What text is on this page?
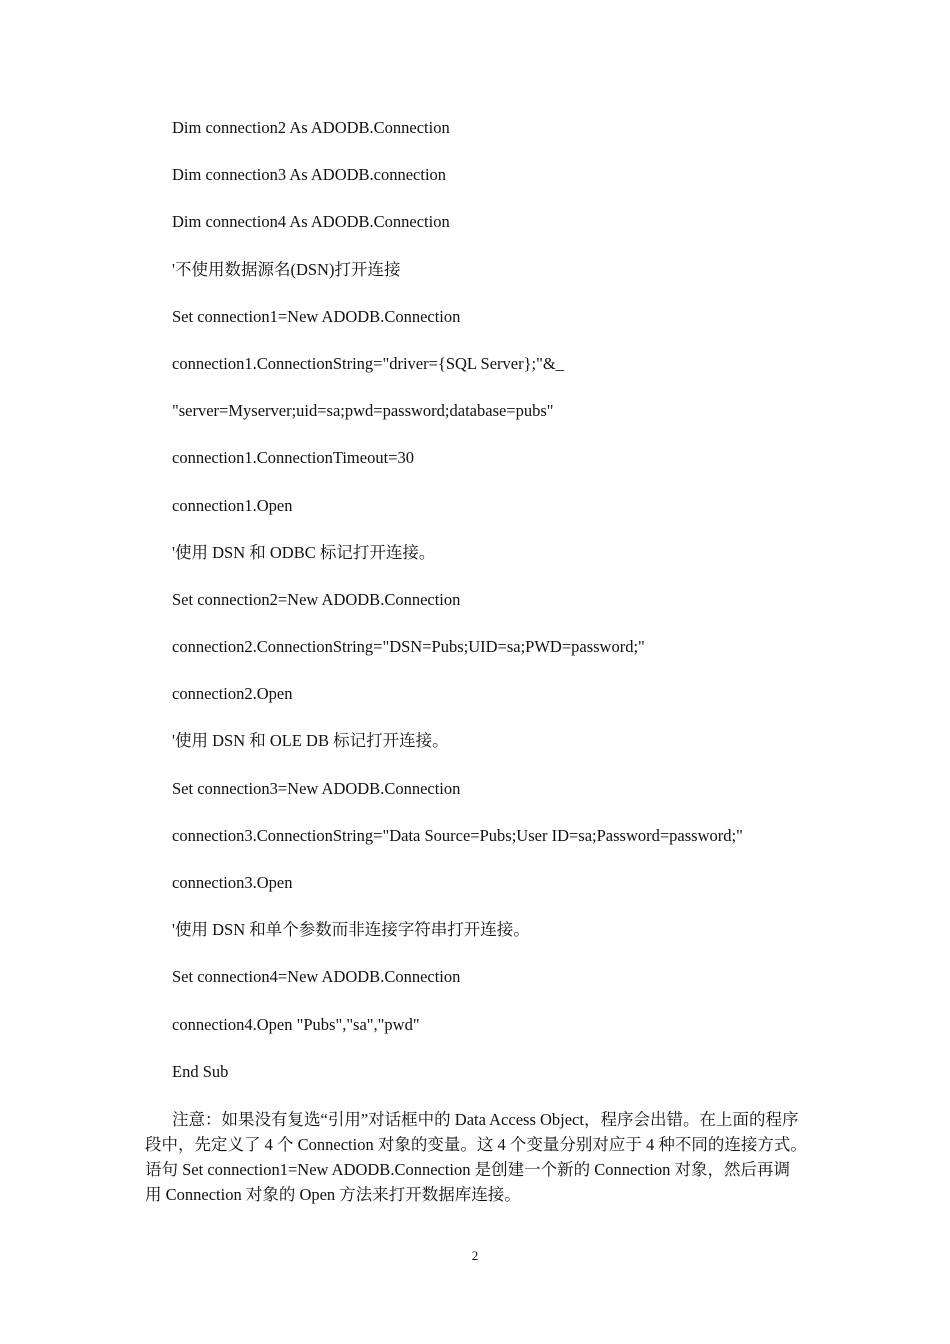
Dim connection2 As ADODB.Connection
Dim connection3 As ADODB.connection
Dim connection4 As ADODB.Connection
'不使用数据源名(DSN)打开连接
Set connection1=New ADODB.Connection
connection1.ConnectionString="driver={SQL Server};"&_
"server=Myserver;uid=sa;pwd=password;database=pubs"
connection1.ConnectionTimeout=30
connection1.Open
'使用 DSN 和 ODBC 标记打开连接。
Set connection2=New ADODB.Connection
connection2.ConnectionString="DSN=Pubs;UID=sa;PWD=password;"
connection2.Open
'使用 DSN 和 OLE DB 标记打开连接。
Set connection3=New ADODB.Connection
connection3.ConnectionString="Data Source=Pubs;User ID=sa;Password=password;"
connection3.Open
'使用 DSN 和单个参数而非连接字符串打开连接。
Set connection4=New ADODB.Connection
connection4.Open "Pubs","sa","pwd"
End Sub
注意：如果没有复选“引用”对话框中的 Data Access Object，程序会出错。在上面的程序
段中，先定义了 4 个 Connection 对象的变量。这 4 个变量分别对应于 4 种不同的连接方式。
语句 Set connection1=New ADODB.Connection 是创建一个新的 Connection 对象，然后再调
用 Connection 对象的 Open 方法来打开数据库连接。
2
